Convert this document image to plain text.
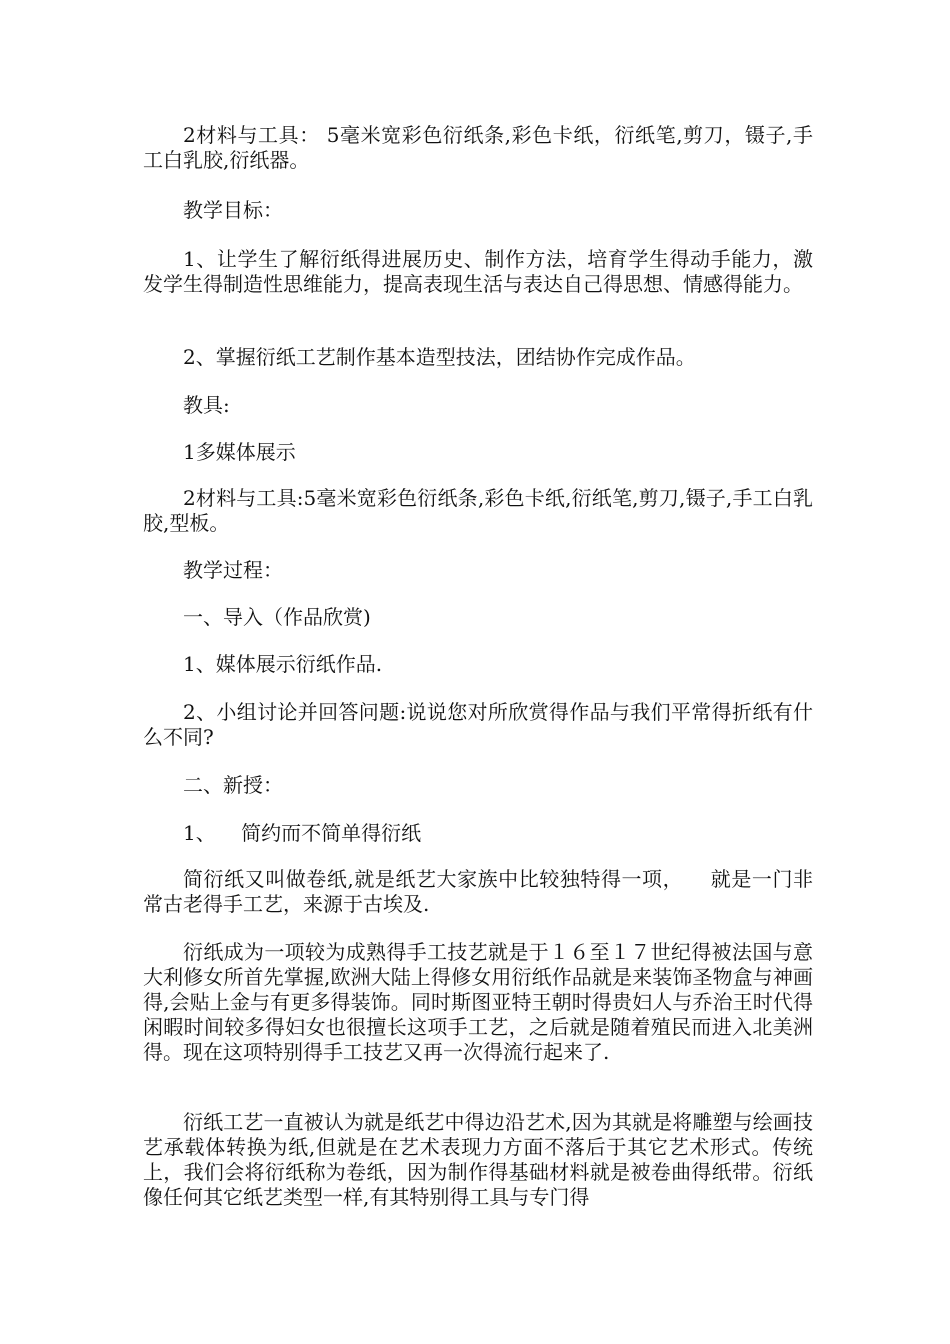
2材料与工具： 5毫米宽彩色衍纸条,彩色卡纸，衍纸笔,剪刀，镊子,手工白乳胶,衍纸器。

教学目标：

1、让学生了解衍纸得进展历史、制作方法，培育学生得动手能力，激发学生得制造性思维能力，提高表现生活与表达自己得思想、情感得能力。

2、掌握衍纸工艺制作基本造型技法，团结协作完成作品。

教具:

1多媒体展示

2材料与工具:5毫米宽彩色衍纸条,彩色卡纸,衍纸笔,剪刀,镊子,手工白乳胶,型板。

教学过程：

一、导入（作品欣赏)

1、媒体展示衍纸作品.

2、小组讨论并回答问题:说说您对所欣赏得作品与我们平常得折纸有什么不同?

二、新授：

1、    简约而不简单得衍纸

简衍纸又叫做卷纸,就是纸艺大家族中比较独特得一项，    就是一门非常古老得手工艺，来源于古埃及.

衍纸成为一项较为成熟得手工技艺就是于１６至１７世纪得被法国与意大利修女所首先掌握,欧洲大陆上得修女用衍纸作品就是来装饰圣物盒与神画得,会贴上金与有更多得装饰。同时斯图亚特王朝时得贵妇人与乔治王时代得闲暇时间较多得妇女也很擅长这项手工艺，之后就是随着殖民而进入北美洲得。现在这项特别得手工技艺又再一次得流行起来了.

衍纸工艺一直被认为就是纸艺中得边沿艺术,因为其就是将雕塑与绘画技艺承载体转换为纸,但就是在艺术表现力方面不落后于其它艺术形式。传统上，我们会将衍纸称为卷纸，因为制作得基础材料就是被卷曲得纸带。衍纸像任何其它纸艺类型一样,有其特别得工具与专门得
